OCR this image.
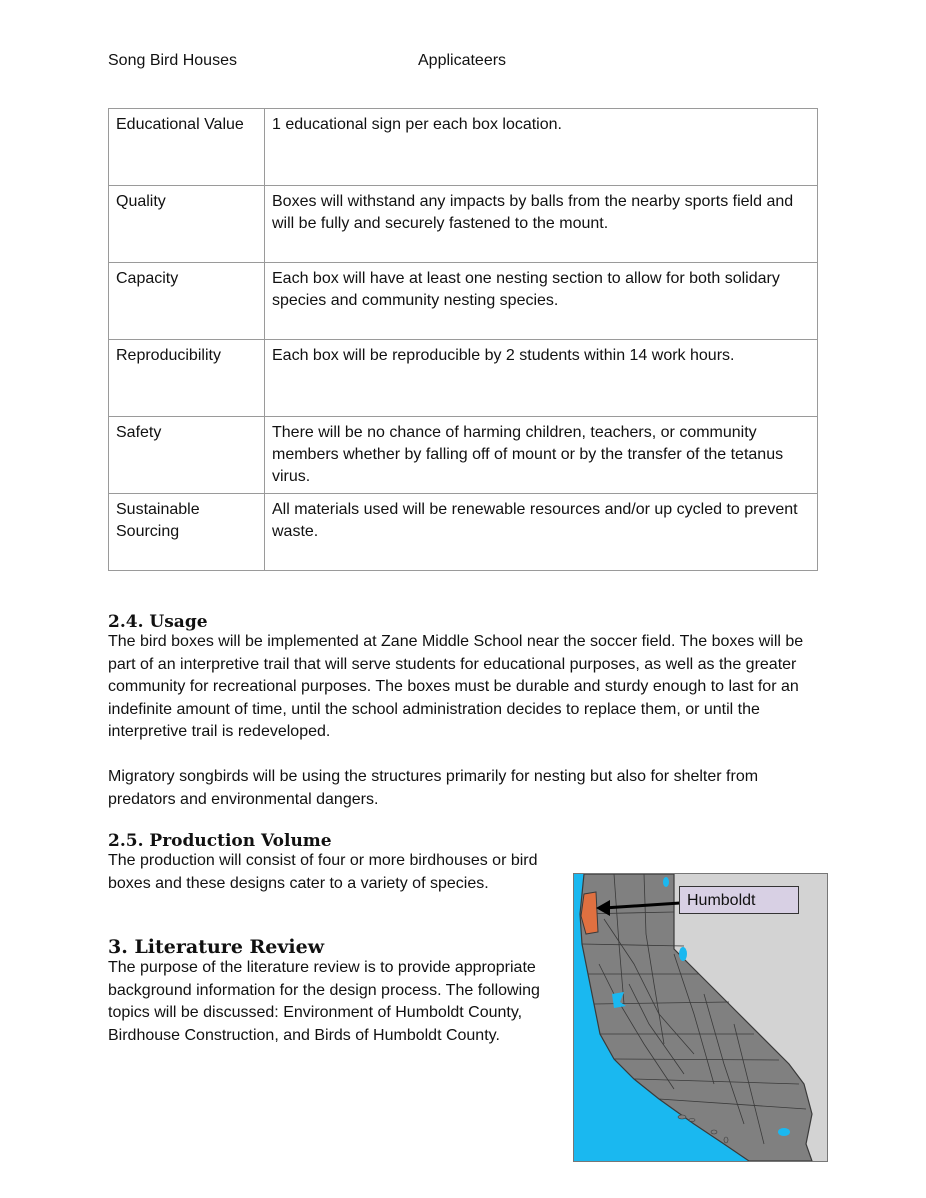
Song Bird Houses	Applicateers
Educational Value	1 educational sign per each box location.
Quality	Boxes will withstand any impacts by balls from the nearby sports field and will be fully and securely fastened to the mount.
Capacity	Each box will have at least one nesting section to allow for both solidary species and community nesting species.
Reproducibility	Each box will be reproducible by 2 students within 14 work hours.
Safety	There will be no chance of harming children, teachers, or community members whether by falling off of mount or by the transfer of the tetanus virus.
Sustainable Sourcing	All materials used will be renewable resources and/or up cycled to prevent waste.
2.4. Usage

The bird boxes will be implemented at Zane Middle School near the soccer field. The boxes will be part of an interpretive trail that will serve students for educational purposes, as well as the greater community for recreational purposes. The boxes must be durable and sturdy enough to last for an indefinite amount of time, until the school administration decides to replace them, or until the interpretive trail is redeveloped.

Migratory songbirds will be using the structures primarily for nesting but also for shelter from predators and environmental dangers.

2.5. Production Volume

The production will consist of four or more birdhouses or bird boxes and these designs cater to a variety of species.

3. Literature Review

The purpose of the literature review is to provide appropriate background information for the design process. The following topics will be discussed: Environment of Humboldt County, Birdhouse Construction, and Birds of Humboldt County.

Humboldt
